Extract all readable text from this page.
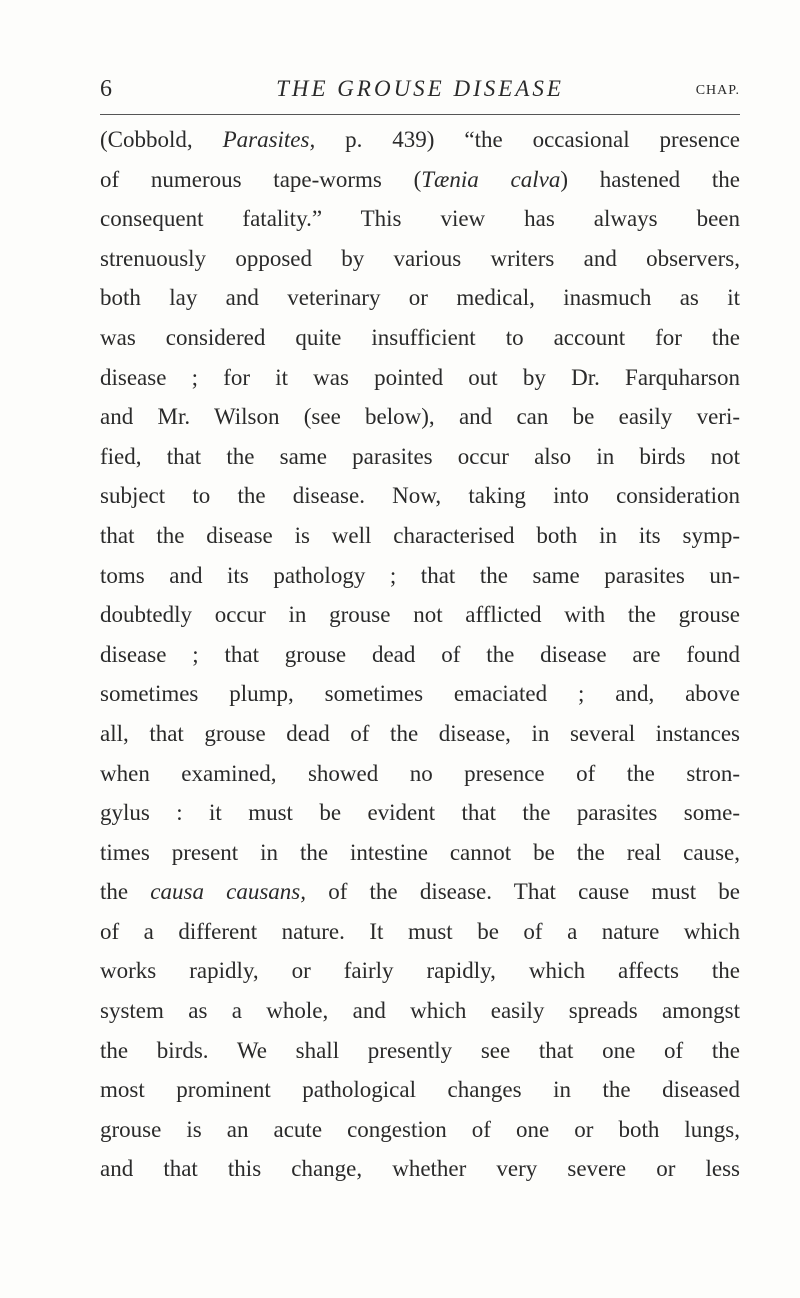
6	THE GROUSE DISEASE	CHAP.
(Cobbold, Parasites, p. 439) “the occasional presence
of numerous tape-worms (Tænia calva) hastened the
consequent fatality.” This view has always been
strenuously opposed by various writers and observers,
both lay and veterinary or medical, inasmuch as it
was considered quite insufficient to account for the
disease ; for it was pointed out by Dr. Farquharson
and Mr. Wilson (see below), and can be easily veri-
fied, that the same parasites occur also in birds not
subject to the disease. Now, taking into consideration
that the disease is well characterised both in its symp-
toms and its pathology ; that the same parasites un-
doubtedly occur in grouse not afflicted with the grouse
disease ; that grouse dead of the disease are found
sometimes plump, sometimes emaciated ; and, above
all, that grouse dead of the disease, in several instances
when examined, showed no presence of the stron-
gylus : it must be evident that the parasites some-
times present in the intestine cannot be the real cause,
the causa causans, of the disease. That cause must be
of a different nature. It must be of a nature which
works rapidly, or fairly rapidly, which affects the
system as a whole, and which easily spreads amongst
the birds. We shall presently see that one of the
most prominent pathological changes in the diseased
grouse is an acute congestion of one or both lungs,
and that this change, whether very severe or less
